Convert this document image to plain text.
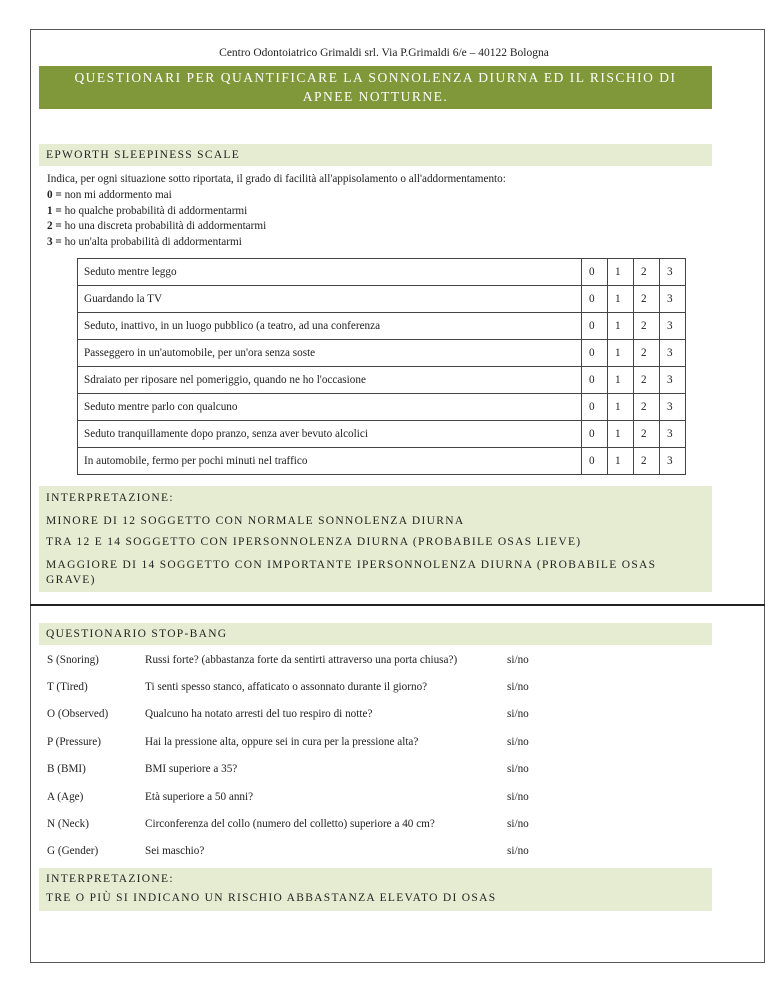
Centro Odontoiatrico Grimaldi srl. Via P.Grimaldi 6/e – 40122 Bologna
QUESTIONARI PER QUANTIFICARE LA SONNOLENZA DIURNA ED IL RISCHIO DI
APNEE NOTTURNE.
EPWORTH SLEEPINESS SCALE
Indica, per ogni situazione sotto riportata, il grado di facilità all'appisolamento o all'addormentamento:
0 = non mi addormento mai
1 = ho qualche probabilità di addormentarmi
2 = ho una discreta probabilità di addormentarmi
3 = ho un'alta probabilità di addormentarmi
Seduto mentre leggo	0	1	2	3
Guardando la TV	0	1	2	3
Seduto, inattivo, in un luogo pubblico (a teatro, ad una conferenza	0	1	2	3
Passeggero in un'automobile, per un'ora senza soste	0	1	2	3
Sdraiato per riposare nel pomeriggio, quando ne ho l'occasione	0	1	2	3
Seduto mentre parlo con qualcuno	0	1	2	3
Seduto tranquillamente dopo pranzo, senza aver bevuto alcolici	0	1	2	3
In automobile, fermo per pochi minuti nel traffico	0	1	2	3
INTERPRETAZIONE:
MINORE DI 12 SOGGETTO CON NORMALE SONNOLENZA DIURNA
TRA 12 E 14 SOGGETTO CON IPERSONNOLENZA DIURNA (PROBABILE OSAS LIEVE)
MAGGIORE DI 14 SOGGETTO CON IMPORTANTE IPERSONNOLENZA DIURNA (PROBABILE OSAS
GRAVE)
QUESTIONARIO STOP-BANG
S (Snoring)	Russi forte? (abbastanza forte da sentirti attraverso una porta chiusa?)	si/no
T (Tired)	Ti senti spesso stanco, affaticato o assonnato durante il giorno?	si/no
O (Observed)	Qualcuno ha notato arresti del tuo respiro di notte?	si/no
P (Pressure)	Hai la pressione alta, oppure sei in cura per la pressione alta?	si/no
B (BMI)	BMI superiore a 35?	si/no
A (Age)	Età superiore a 50 anni?	si/no
N (Neck)	Circonferenza del collo (numero del colletto) superiore a 40 cm?	si/no
G (Gender)	Sei maschio?	si/no
INTERPRETAZIONE:
TRE O PIÙ SI INDICANO UN RISCHIO ABBASTANZA ELEVATO DI OSAS
